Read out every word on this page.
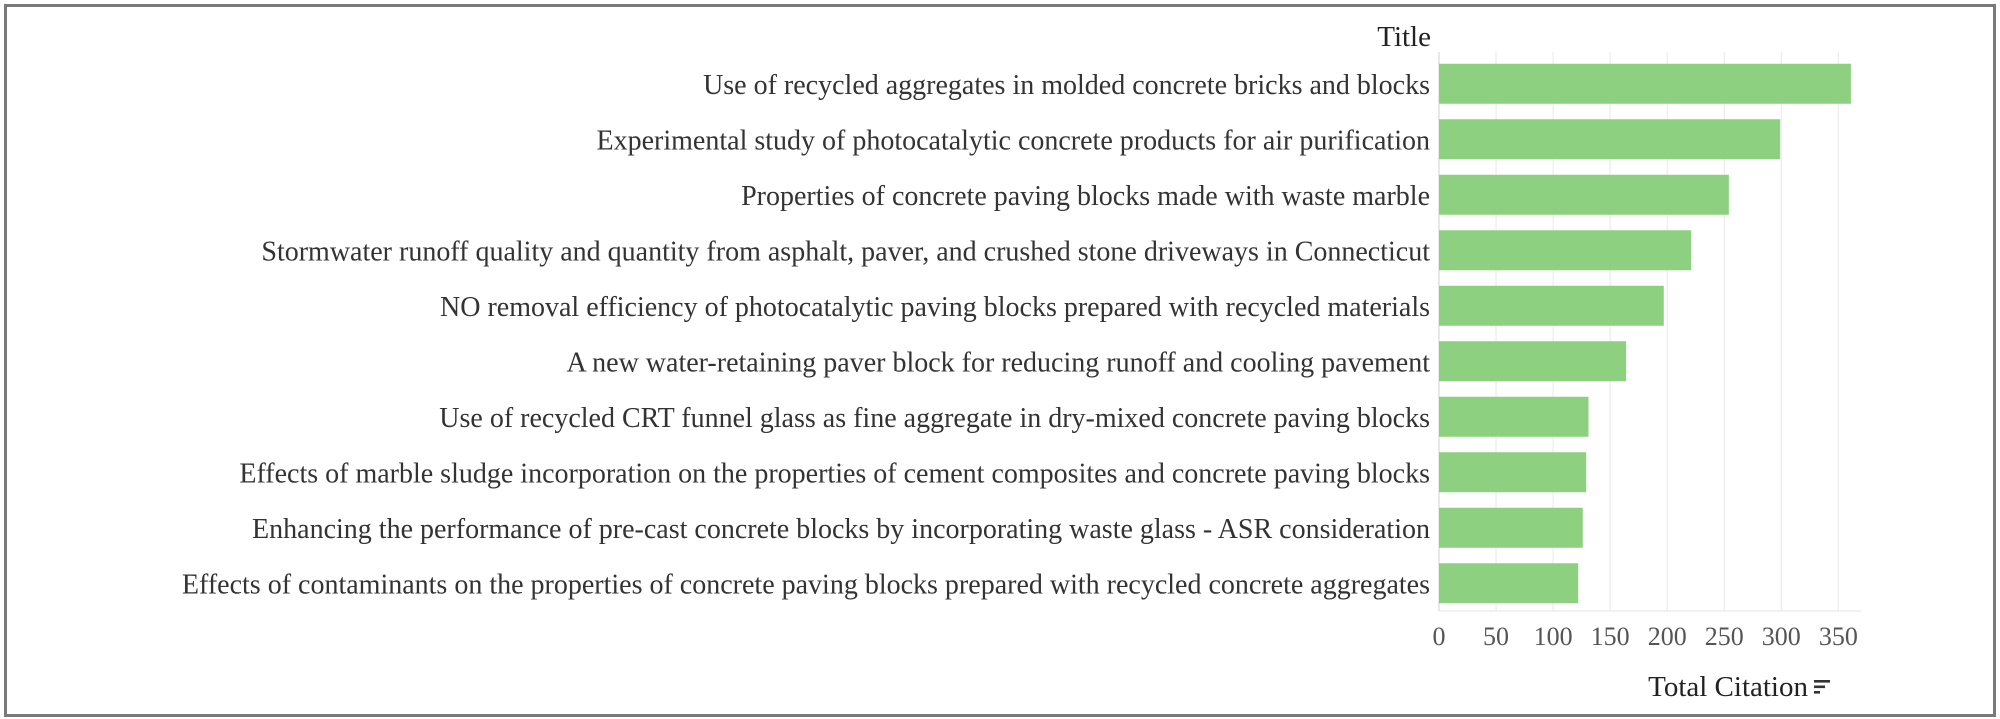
Use of recycled aggregates in molded concrete bricks and blocks
Experimental study of photocatalytic concrete products for air purification
Properties of concrete paving blocks made with waste marble
Stormwater runoff quality and quantity from asphalt, paver, and crushed stone driveways in Connecticut
NO removal efficiency of photocatalytic paving blocks prepared with recycled materials
A new water-retaining paver block for reducing runoff and cooling pavement
Use of recycled CRT funnel glass as fine aggregate in dry-mixed concrete paving blocks
Effects of marble sludge incorporation on the properties of cement composites and concrete paving blocks
Enhancing the performance of pre-cast concrete blocks by incorporating waste glass - ASR consideration
Effects of contaminants on the properties of concrete paving blocks prepared with recycled concrete aggregates
0 50 100 150 200 250 300 350
Title
Total Citation
